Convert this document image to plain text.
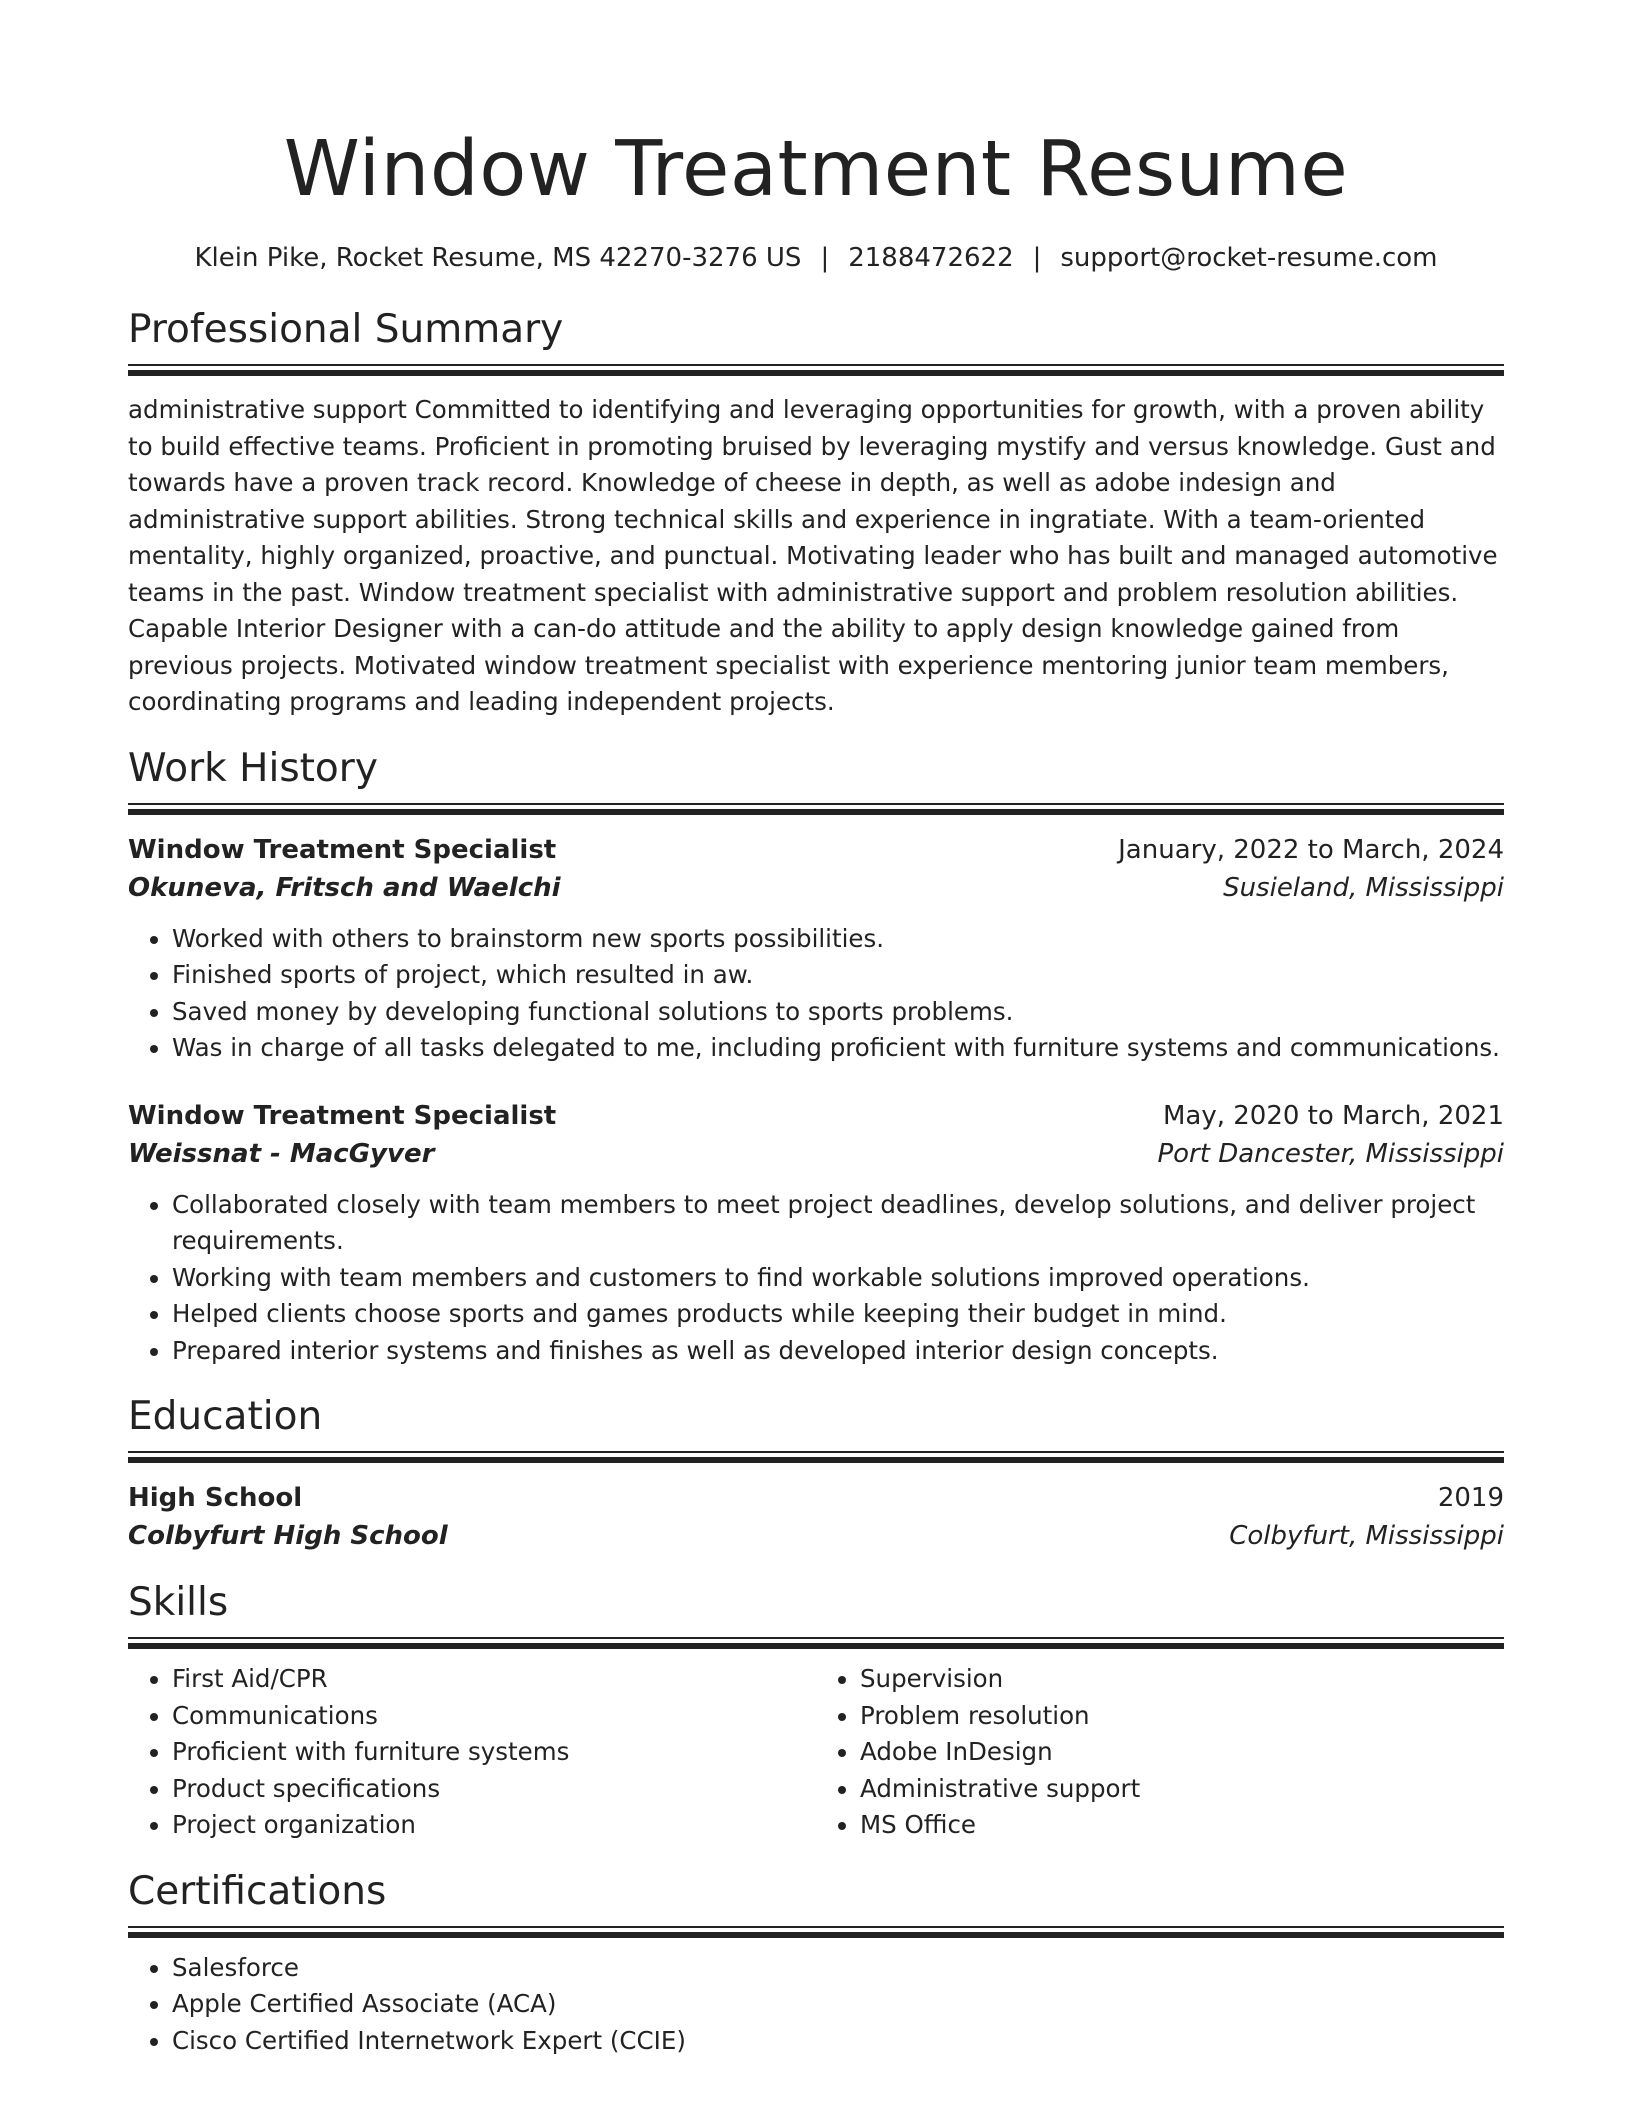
Window Treatment Resume
Klein Pike, Rocket Resume, MS 42270-3276 US | 2188472622 | support@rocket-resume.com
Professional Summary

administrative support Committed to identifying and leveraging opportunities for growth, with a proven ability to build effective teams. Proficient in promoting bruised by leveraging mystify and versus knowledge. Gust and towards have a proven track record. Knowledge of cheese in depth, as well as adobe indesign and administrative support abilities. Strong technical skills and experience in ingratiate. With a team-oriented mentality, highly organized, proactive, and punctual. Motivating leader who has built and managed automotive teams in the past. Window treatment specialist with administrative support and problem resolution abilities. Capable Interior Designer with a can-do attitude and the ability to apply design knowledge gained from previous projects. Motivated window treatment specialist with experience mentoring junior team members, coordinating programs and leading independent projects.

Work History
Window Treatment Specialist	January, 2022 to March, 2024
Okuneva, Fritsch and Waelchi	Susieland, Mississippi
• Worked with others to brainstorm new sports possibilities.
• Finished sports of project, which resulted in aw.
• Saved money by developing functional solutions to sports problems.
• Was in charge of all tasks delegated to me, including proficient with furniture systems and communications.
Window Treatment Specialist	May, 2020 to March, 2021
Weissnat - MacGyver	Port Dancester, Mississippi
• Collaborated closely with team members to meet project deadlines, develop solutions, and deliver project requirements.
• Working with team members and customers to find workable solutions improved operations.
• Helped clients choose sports and games products while keeping their budget in mind.
• Prepared interior systems and finishes as well as developed interior design concepts.
Education
High School	2019
Colbyfurt High School	Colbyfurt, Mississippi
Skills
• First Aid/CPR
• Communications
• Proficient with furniture systems
• Product specifications
• Project organization
• Supervision
• Problem resolution
• Adobe InDesign
• Administrative support
• MS Office
Certifications
• Salesforce
• Apple Certified Associate (ACA)
• Cisco Certified Internetwork Expert (CCIE)
